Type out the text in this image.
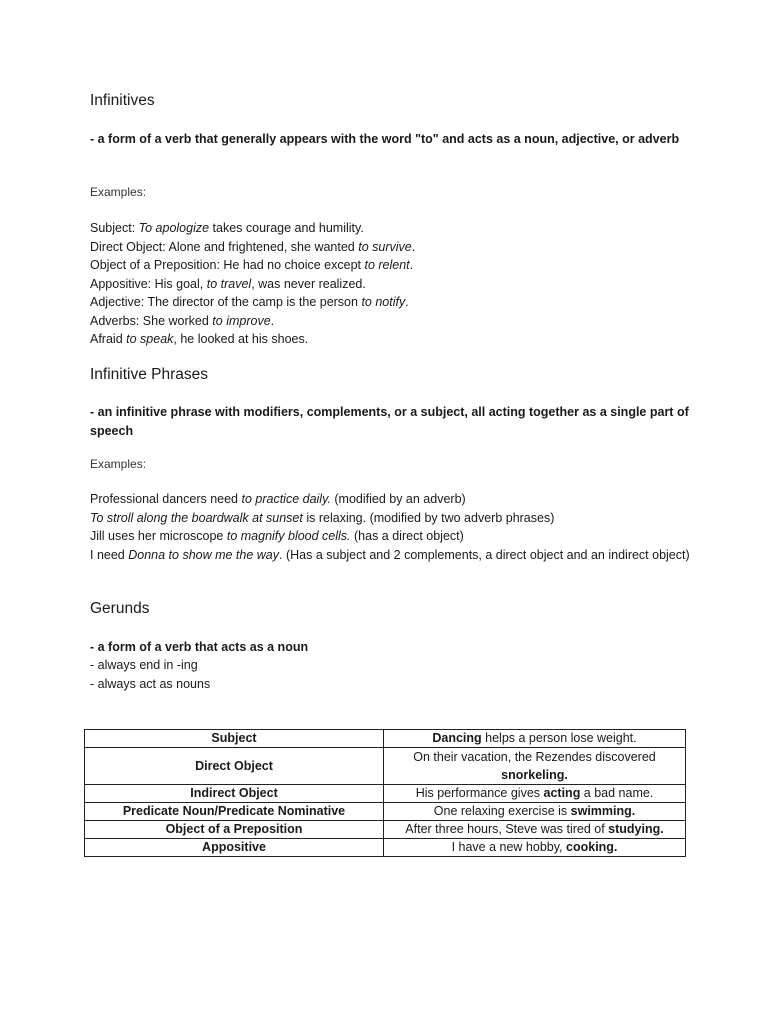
Infinitives
- a form of a verb that generally appears with the word "to" and acts as a noun, adjective, or adverb
Examples:
Subject: To apologize takes courage and humility.
Direct Object: Alone and frightened, she wanted to survive.
Object of a Preposition: He had no choice except to relent.
Appositive: His goal, to travel, was never realized.
Adjective: The director of the camp is the person to notify.
Adverbs: She worked to improve.
Afraid to speak, he looked at his shoes.
Infinitive Phrases
- an infinitive phrase with modifiers, complements, or a subject, all acting together as a single part of speech
Examples:
Professional dancers need to practice daily. (modified by an adverb)
To stroll along the boardwalk at sunset is relaxing. (modified by two adverb phrases)
Jill uses her microscope to magnify blood cells. (has a direct object)
I need Donna to show me the way. (Has a subject and 2 complements, a direct object and an indirect object)
Gerunds
- a form of a verb that acts as a noun
- always end in -ing
- always act as nouns
Subject	Dancing helps a person lose weight.
Direct Object	On their vacation, the Rezendes discovered
snorkeling.
Indirect Object	His performance gives acting a bad name.
Predicate Noun/Predicate Nominative	One relaxing exercise is swimming.
Object of a Preposition	After three hours, Steve was tired of studying.
Appositive	I have a new hobby, cooking.
